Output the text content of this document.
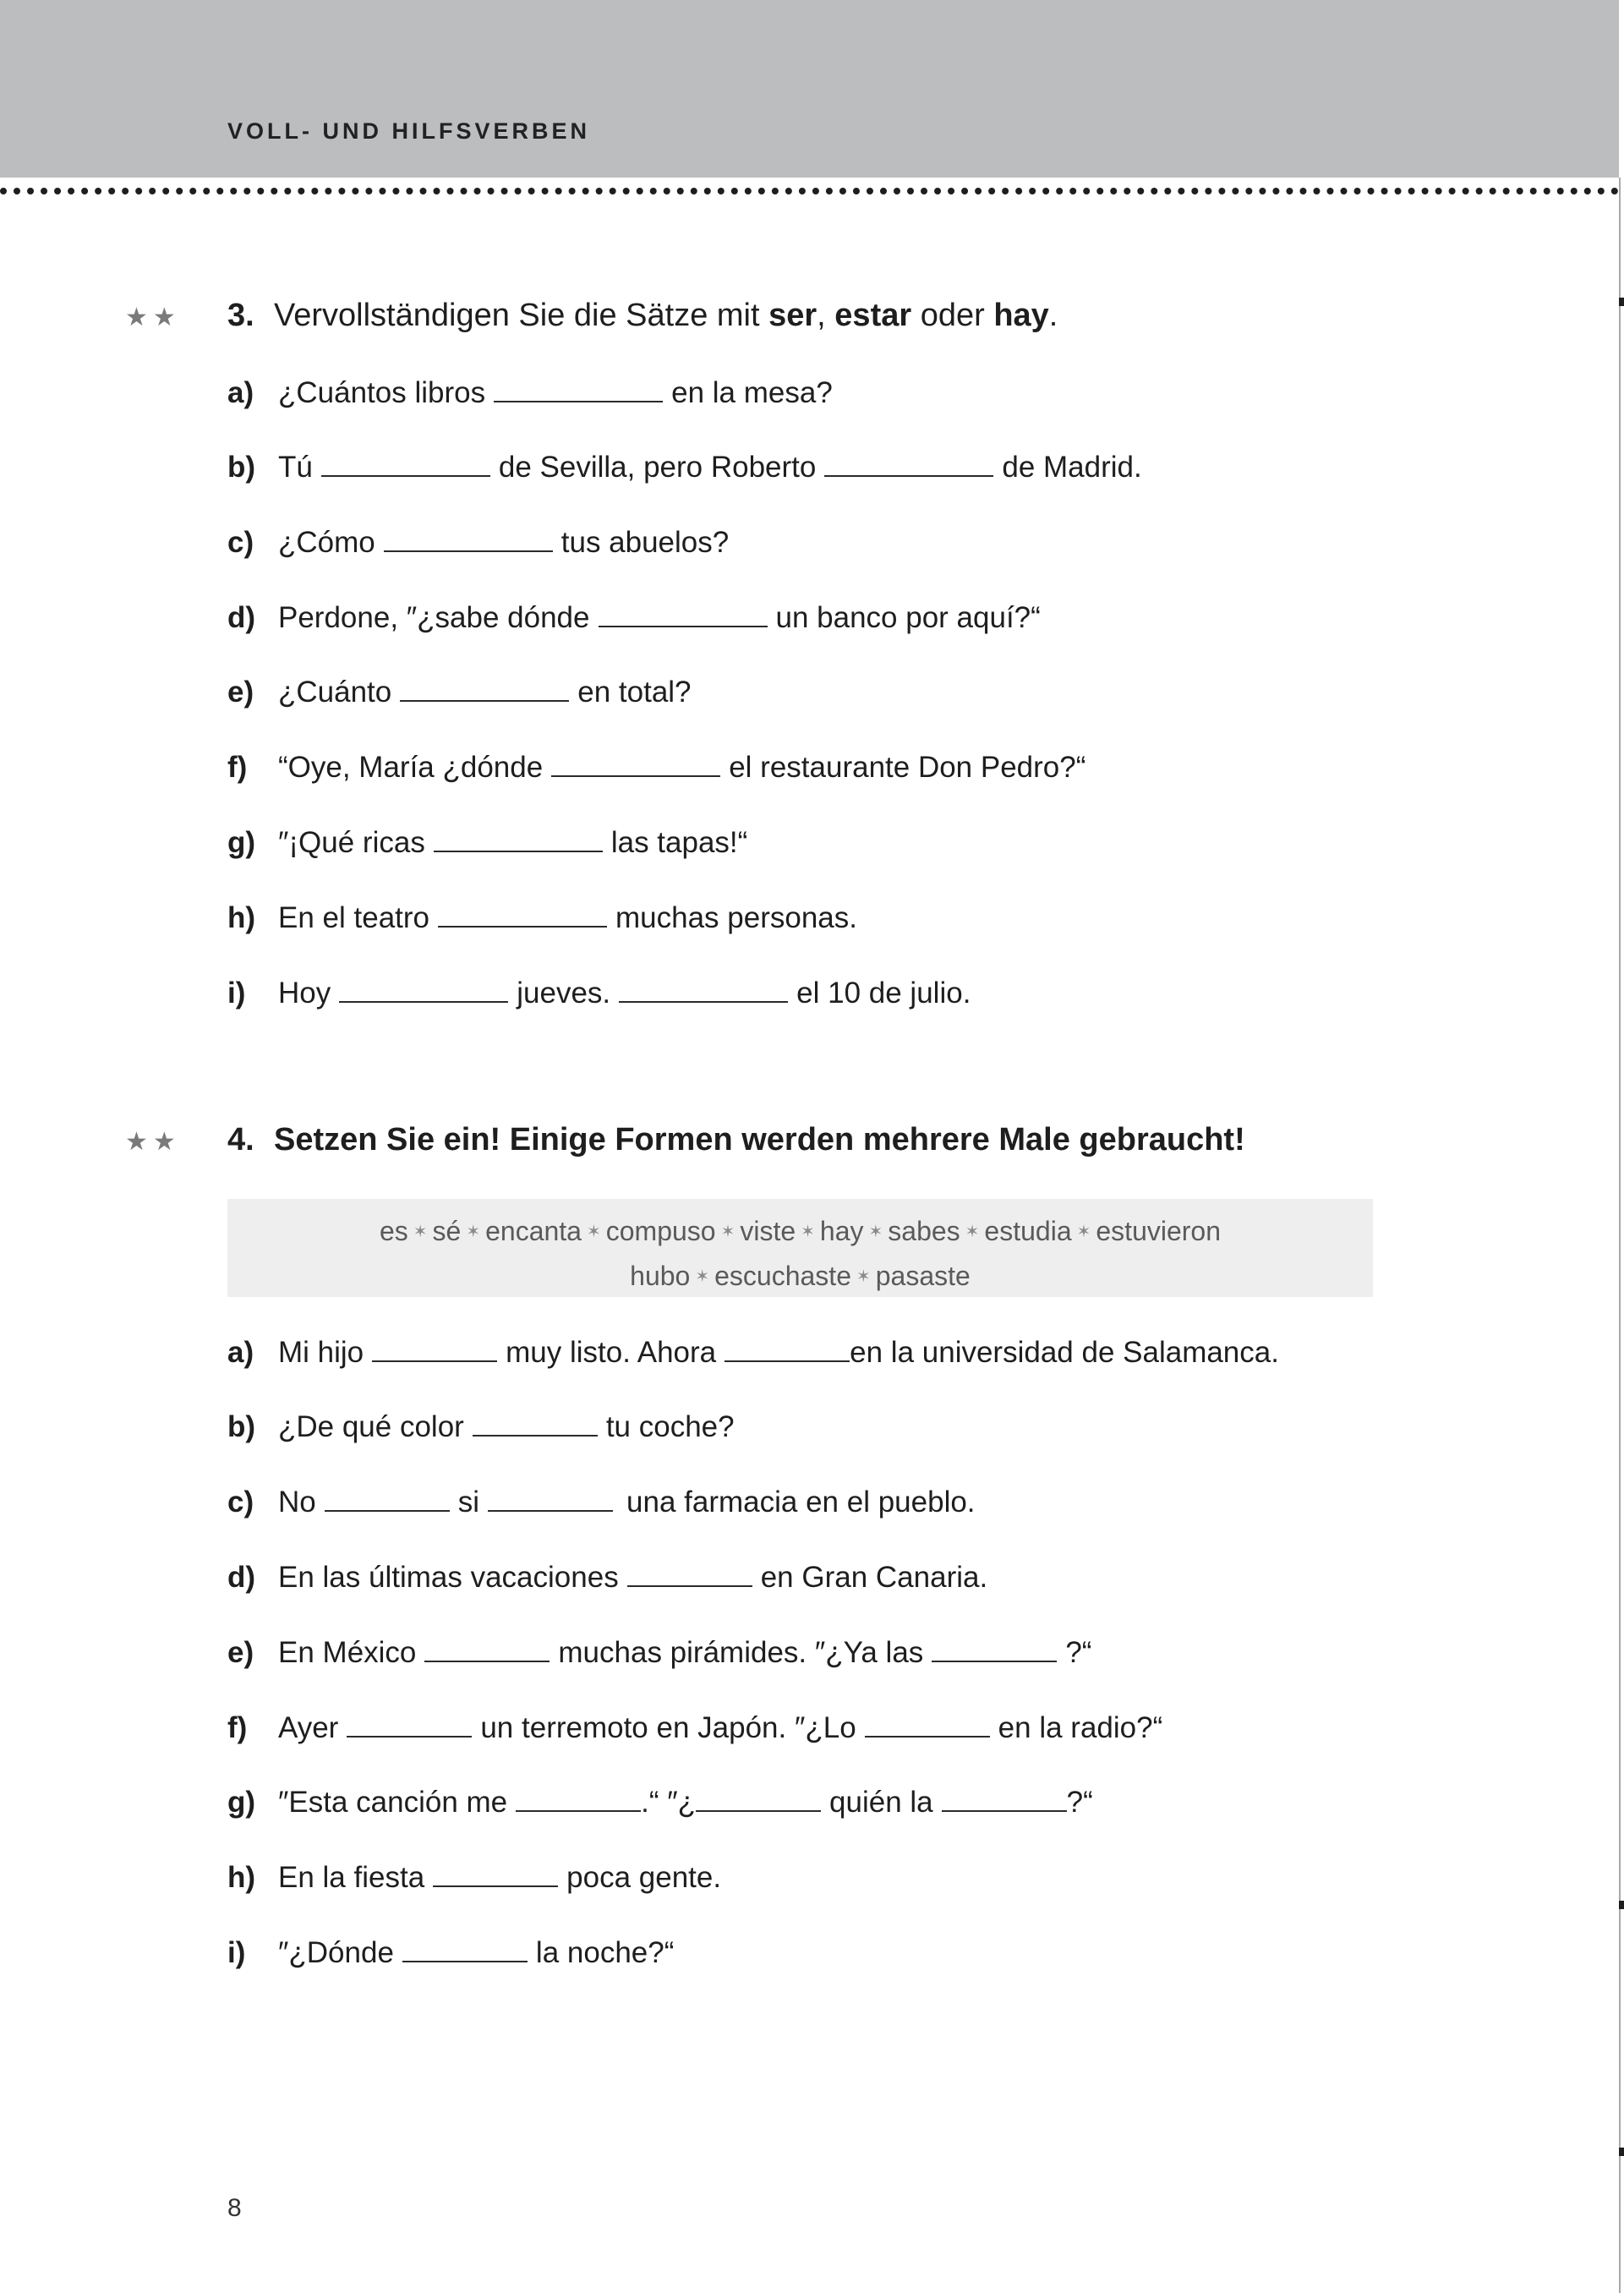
VOLL- UND HILFSVERBEN
★★	3. Vervollständigen Sie die Sätze mit ser, estar oder hay.
a) ¿Cuántos libros	en la mesa?
b) Tú	de Sevilla, pero Roberto	de Madrid.
c) ¿Cómo	tus abuelos?
d) Perdone, ″¿sabe dónde	un banco por aquí?“
e) ¿Cuánto	en total?
f)	“Oye, María ¿dónde	el restaurante Don Pedro?“
g) ″¡Qué ricas	las tapas!“
h) En el teatro	muchas personas.
i)	Hoy	jueves.	el 10 de julio.
★★	4. Setzen Sie ein! Einige Formen werden mehrere Male gebraucht!
es ✶ sé ✶ encanta ✶ compuso ✶ viste ✶ hay ✶ sabes ✶ estudia ✶ estuvieron
hubo ✶ escuchaste ✶ pasaste
a) Mi hijo	muy listo. Ahora	en la universidad de Salamanca.
b) ¿De qué color	tu coche?
c) No	si	una farmacia en el pueblo.
d) En las últimas vacaciones	en Gran Canaria.
e) En México	muchas pirámides. ″¿Ya las	?“
f)	Ayer	un terremoto en Japón. ″¿Lo	en la radio?“
g) ″Esta canción me	.“ ″¿	quién la	?“
h) En la fiesta	poca gente.
i)	″¿Dónde	la noche?“
8
